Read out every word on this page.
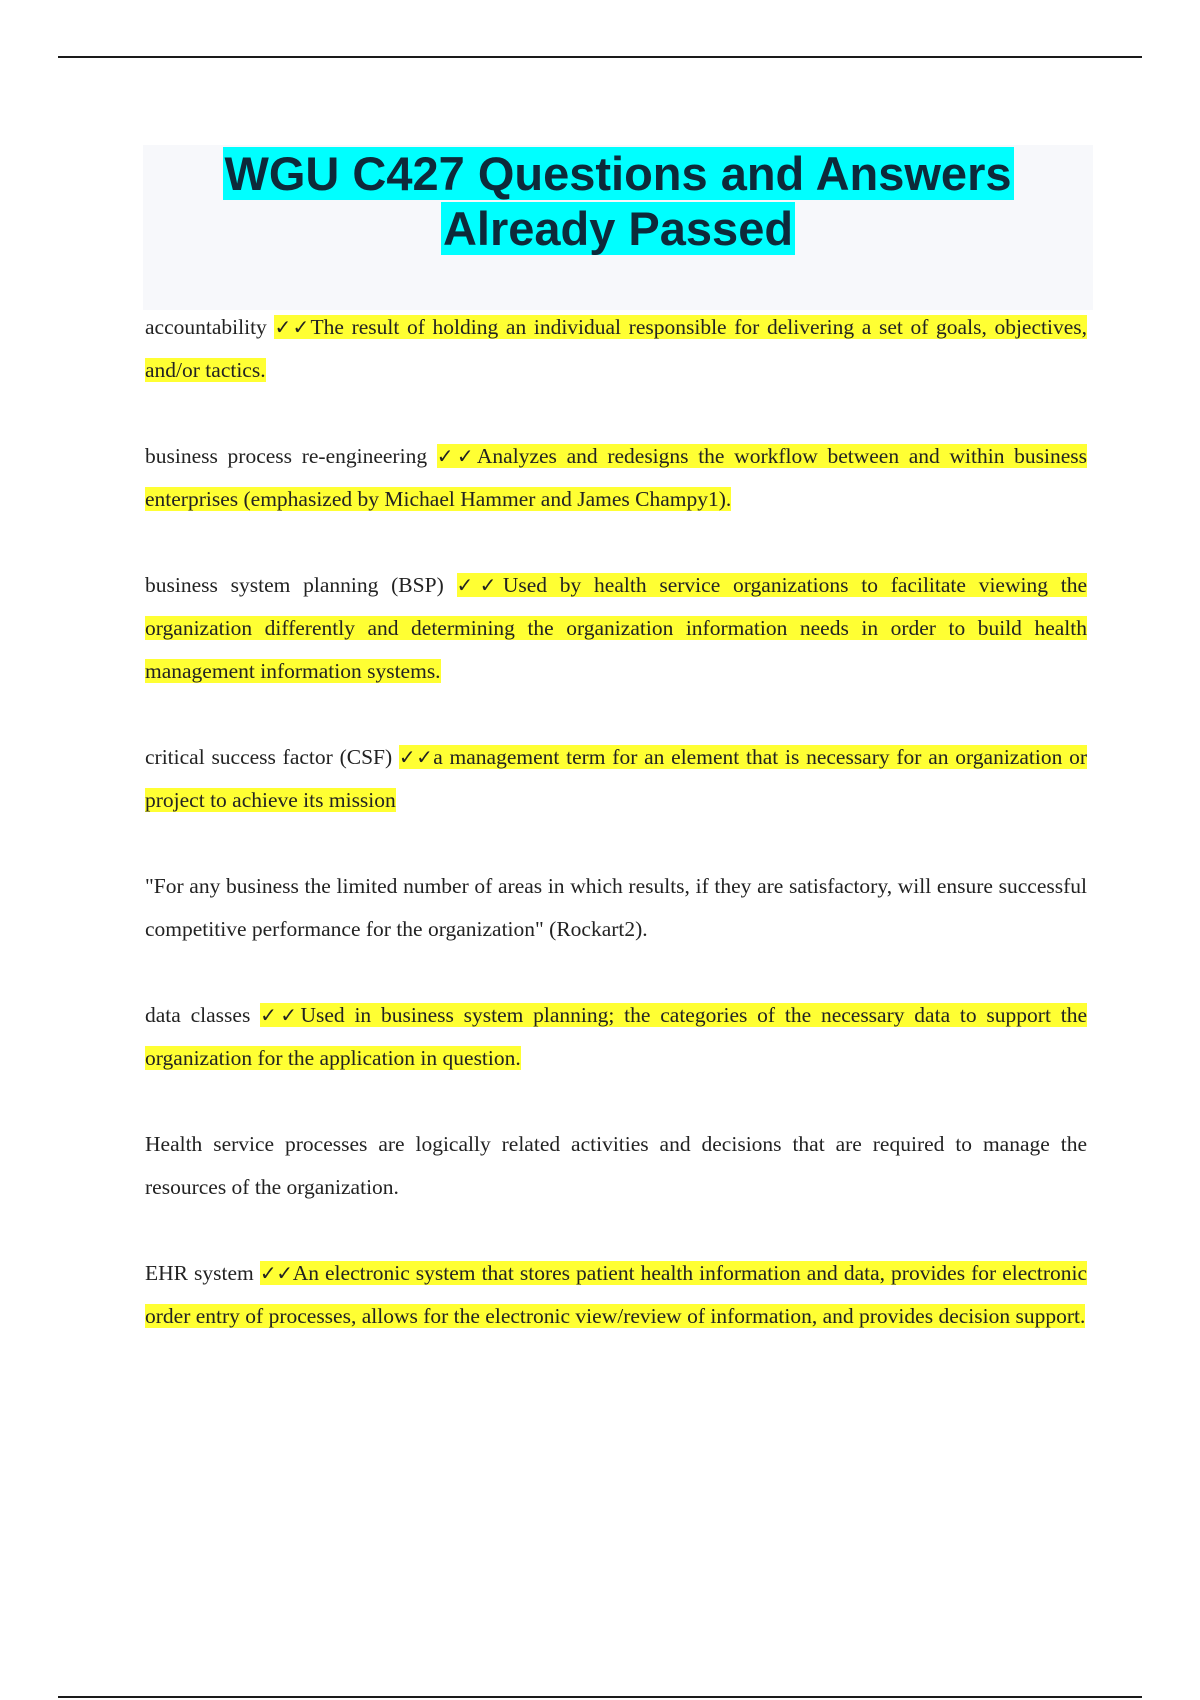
WGU C427 Questions and Answers
Already Passed

accountability ✓✓The result of holding an individual responsible for delivering a set of goals, objectives, and/or tactics.

business process re-engineering ✓✓Analyzes and redesigns the workflow between and within business enterprises (emphasized by Michael Hammer and James Champy1).

business system planning (BSP) ✓✓Used by health service organizations to facilitate viewing the organization differently and determining the organization information needs in order to build health management information systems.

critical success factor (CSF) ✓✓a management term for an element that is necessary for an organization or project to achieve its mission

"For any business the limited number of areas in which results, if they are satisfactory, will ensure successful competitive performance for the organization" (Rockart2).

data classes ✓✓Used in business system planning; the categories of the necessary data to support the organization for the application in question.

Health service processes are logically related activities and decisions that are required to manage the resources of the organization.

EHR system ✓✓An electronic system that stores patient health information and data, provides for electronic order entry of processes, allows for the electronic view/review of information, and provides decision support.
